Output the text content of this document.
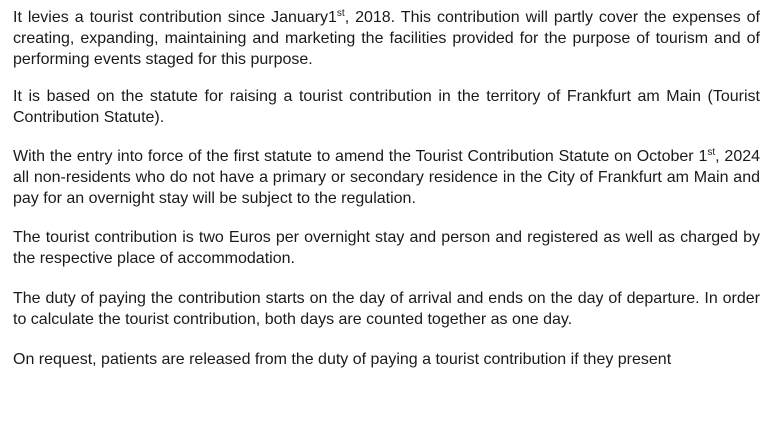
It levies a tourist contribution since January1st, 2018. This contribution will partly cover the expenses of creating, expanding, maintaining and marketing the facilities provided for the purpose of tourism and of performing events staged for this purpose.

It is based on the statute for raising a tourist contribution in the territory of Frankfurt am Main (Tourist Contribution Statute).

With the entry into force of the first statute to amend the Tourist Contribution Statute on October 1st, 2024 all non-residents who do not have a primary or secondary residence in the City of Frankfurt am Main and pay for an overnight stay will be subject to the regulation.

The tourist contribution is two Euros per overnight stay and person and registered as well as charged by the respective place of accommodation.

The duty of paying the contribution starts on the day of arrival and ends on the day of departure. In order to calculate the tourist contribution, both days are counted together as one day.

On request, patients are released from the duty of paying a tourist contribution if they present
